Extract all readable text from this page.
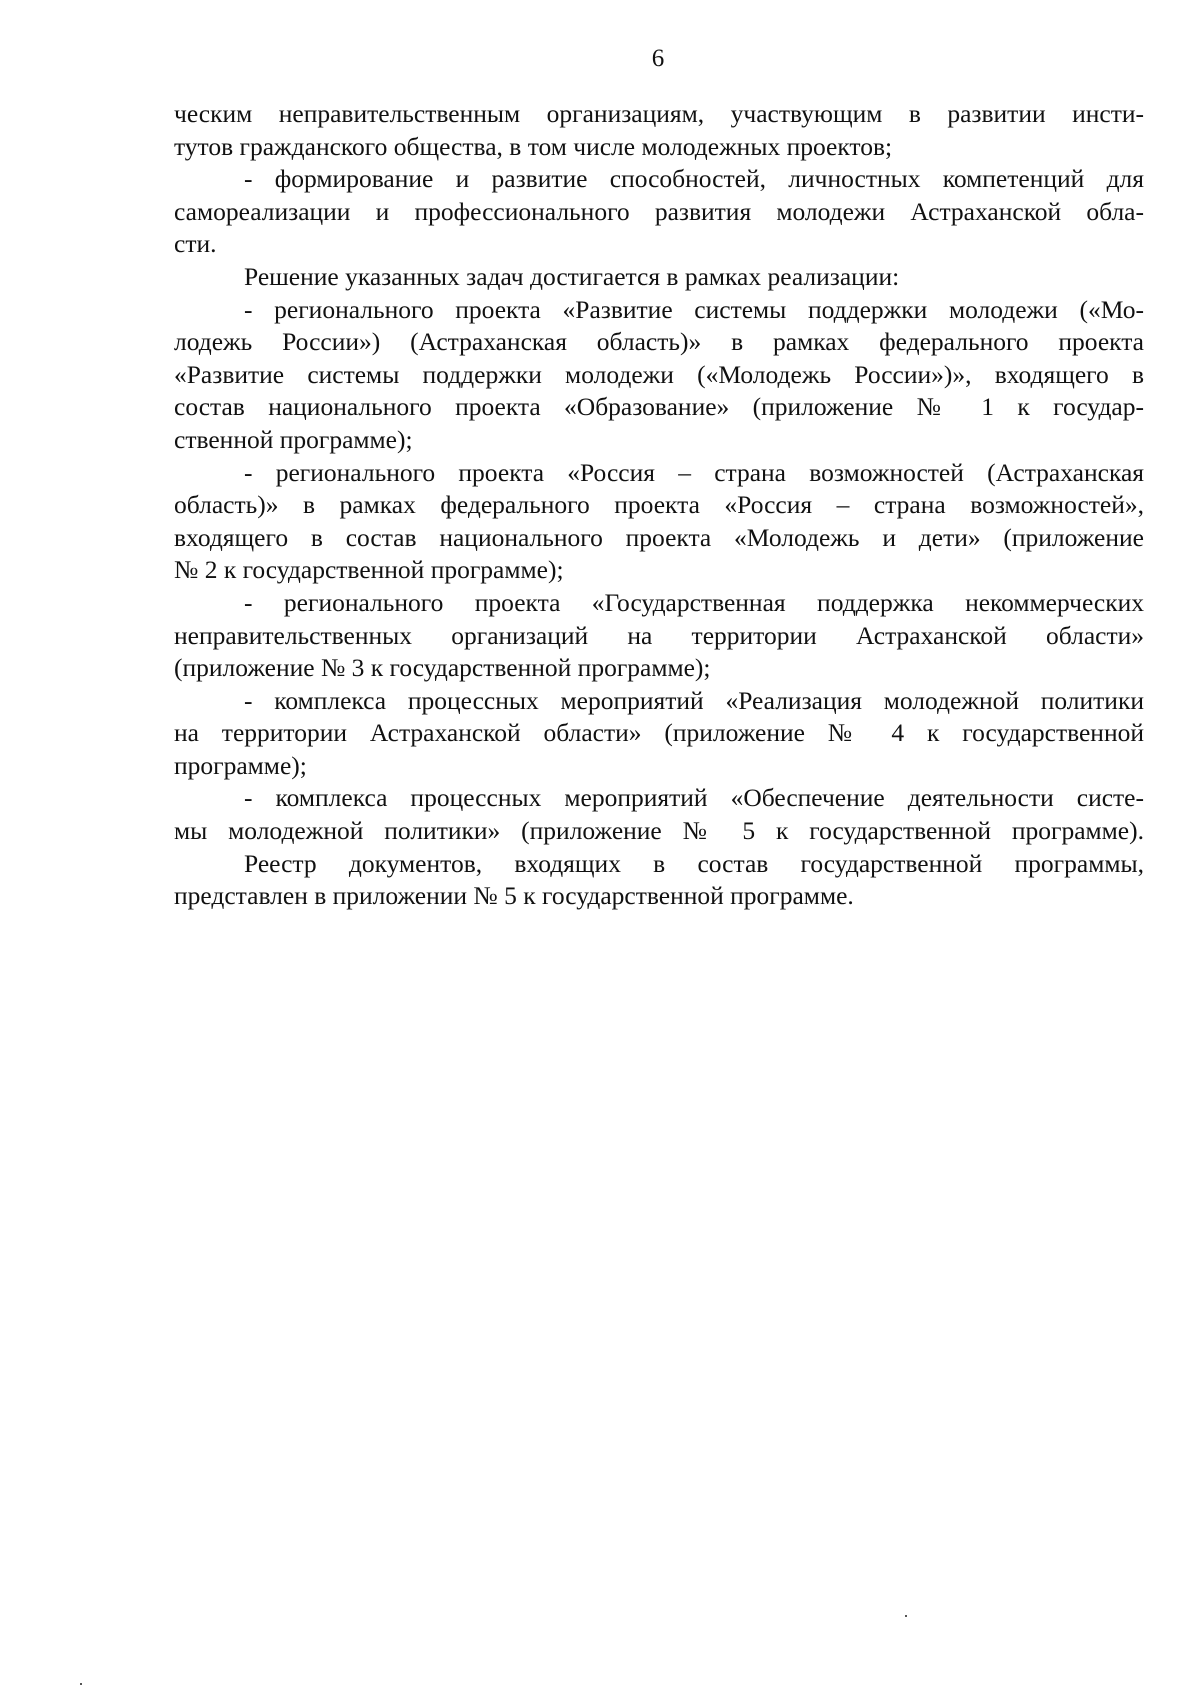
6
ческим неправительственным организациям, участвующим в развитии инсти-
тутов гражданского общества, в том числе молодежных проектов;
- формирование и развитие способностей, личностных компетенций для
самореализации и профессионального развития молодежи Астраханской обла-
сти.
Решение указанных задач достигается в рамках реализации:
- регионального проекта «Развитие системы поддержки молодежи («Мо-
лодежь России») (Астраханская область)» в рамках федерального проекта
«Развитие системы поддержки молодежи («Молодежь России»)», входящего в
состав национального проекта «Образование» (приложение № 1 к государ-
ственной программе);
- регионального проекта «Россия – страна возможностей (Астраханская
область)» в рамках федерального проекта «Россия – страна возможностей»,
входящего в состав национального проекта «Молодежь и дети» (приложение
№ 2 к государственной программе);
- регионального проекта «Государственная поддержка некоммерческих
неправительственных организаций на территории Астраханской области»
(приложение № 3 к государственной программе);
- комплекса процессных мероприятий «Реализация молодежной политики
на территории Астраханской области» (приложение № 4 к государственной
программе);
- комплекса процессных мероприятий «Обеспечение деятельности систе-
мы молодежной политики» (приложение № 5 к государственной программе).
Реестр документов, входящих в состав государственной программы,
представлен в приложении № 5 к государственной программе.
